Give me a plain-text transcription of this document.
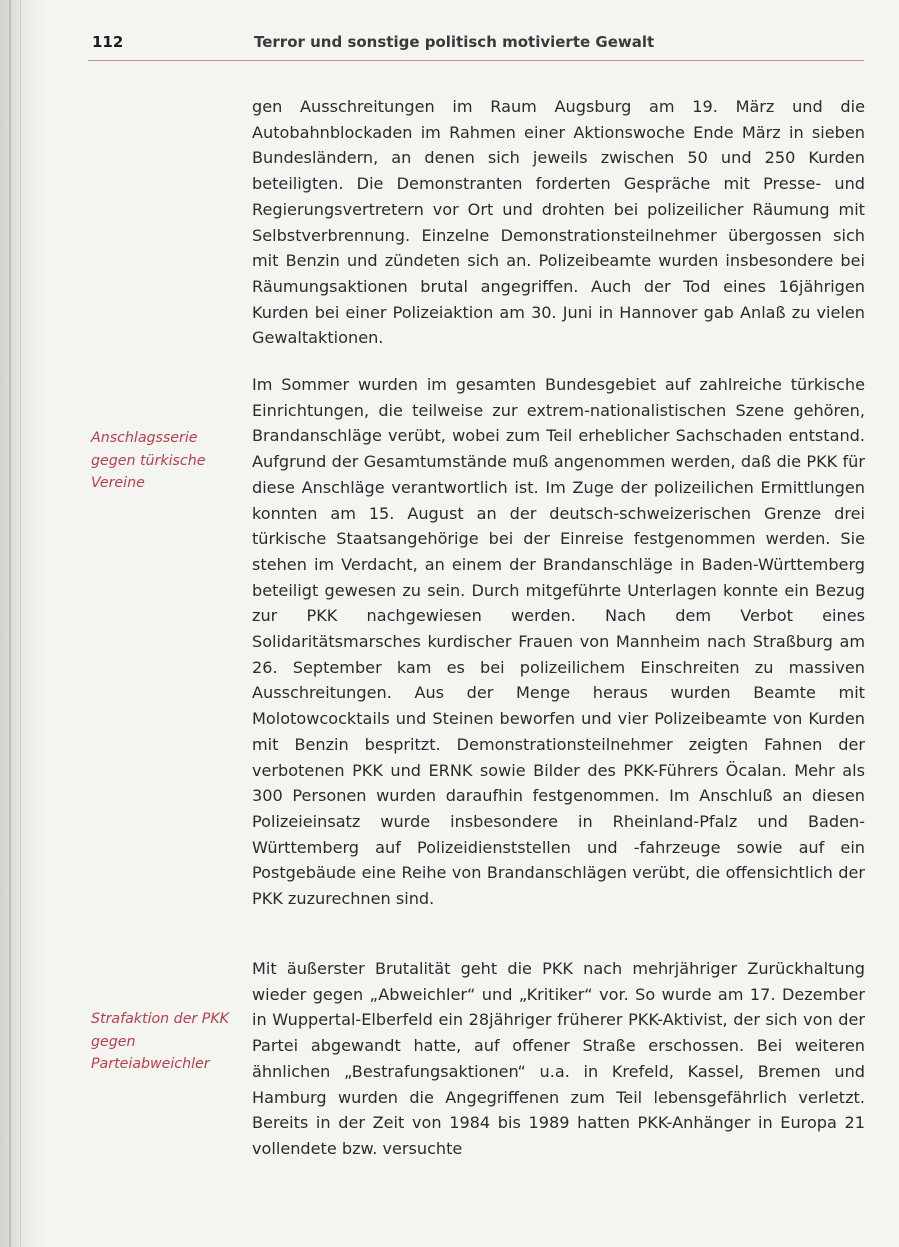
112	Terror und sonstige politisch motivierte Gewalt
Anschlagsserie gegen türkische Vereine
Strafaktion der PKK gegen Parteiabweichler

gen Ausschreitungen im Raum Augsburg am 19. März und die Autobahnblockaden im Rahmen einer Aktionswoche Ende März in sieben Bundesländern, an denen sich jeweils zwischen 50 und 250 Kurden beteiligten. Die Demonstranten forderten Gespräche mit Presse- und Regierungsvertretern vor Ort und drohten bei polizeilicher Räumung mit Selbstverbrennung. Einzelne Demonstrationsteilnehmer übergossen sich mit Benzin und zündeten sich an. Polizeibeamte wurden insbesondere bei Räumungsaktionen brutal angegriffen. Auch der Tod eines 16jährigen Kurden bei einer Polizeiaktion am 30. Juni in Hannover gab Anlaß zu vielen Gewaltaktionen.

Im Sommer wurden im gesamten Bundesgebiet auf zahlreiche türkische Einrichtungen, die teilweise zur extrem-nationalistischen Szene gehören, Brandanschläge verübt, wobei zum Teil erheblicher Sachschaden entstand. Aufgrund der Gesamtumstände muß angenommen werden, daß die PKK für diese Anschläge verantwortlich ist. Im Zuge der polizeilichen Ermittlungen konnten am 15. August an der deutsch-schweizerischen Grenze drei türkische Staatsangehörige bei der Einreise festgenommen werden. Sie stehen im Verdacht, an einem der Brandanschläge in Baden-Württemberg beteiligt gewesen zu sein. Durch mitgeführte Unterlagen konnte ein Bezug zur PKK nachgewiesen werden. Nach dem Verbot eines Solidaritätsmarsches kurdischer Frauen von Mannheim nach Straßburg am 26. September kam es bei polizeilichem Einschreiten zu massiven Ausschreitungen. Aus der Menge heraus wurden Beamte mit Molotowcocktails und Steinen beworfen und vier Polizeibeamte von Kurden mit Benzin bespritzt. Demonstrationsteilnehmer zeigten Fahnen der verbotenen PKK und ERNK sowie Bilder des PKK-Führers Öcalan. Mehr als 300 Personen wurden daraufhin festgenommen. Im Anschluß an diesen Polizeieinsatz wurde insbesondere in Rheinland-Pfalz und Baden-Württemberg auf Polizeidienststellen und -fahrzeuge sowie auf ein Postgebäude eine Reihe von Brandanschlägen verübt, die offensichtlich der PKK zuzurechnen sind.

Mit äußerster Brutalität geht die PKK nach mehrjähriger Zurückhaltung wieder gegen „Abweichler“ und „Kritiker“ vor. So wurde am 17. Dezember in Wuppertal-Elberfeld ein 28jähriger früherer PKK-Aktivist, der sich von der Partei abgewandt hatte, auf offener Straße erschossen. Bei weiteren ähnlichen „Bestrafungsaktionen“ u.a. in Krefeld, Kassel, Bremen und Hamburg wurden die Angegriffenen zum Teil lebensgefährlich verletzt. Bereits in der Zeit von 1984 bis 1989 hatten PKK-Anhänger in Europa 21 vollendete bzw. versuchte
